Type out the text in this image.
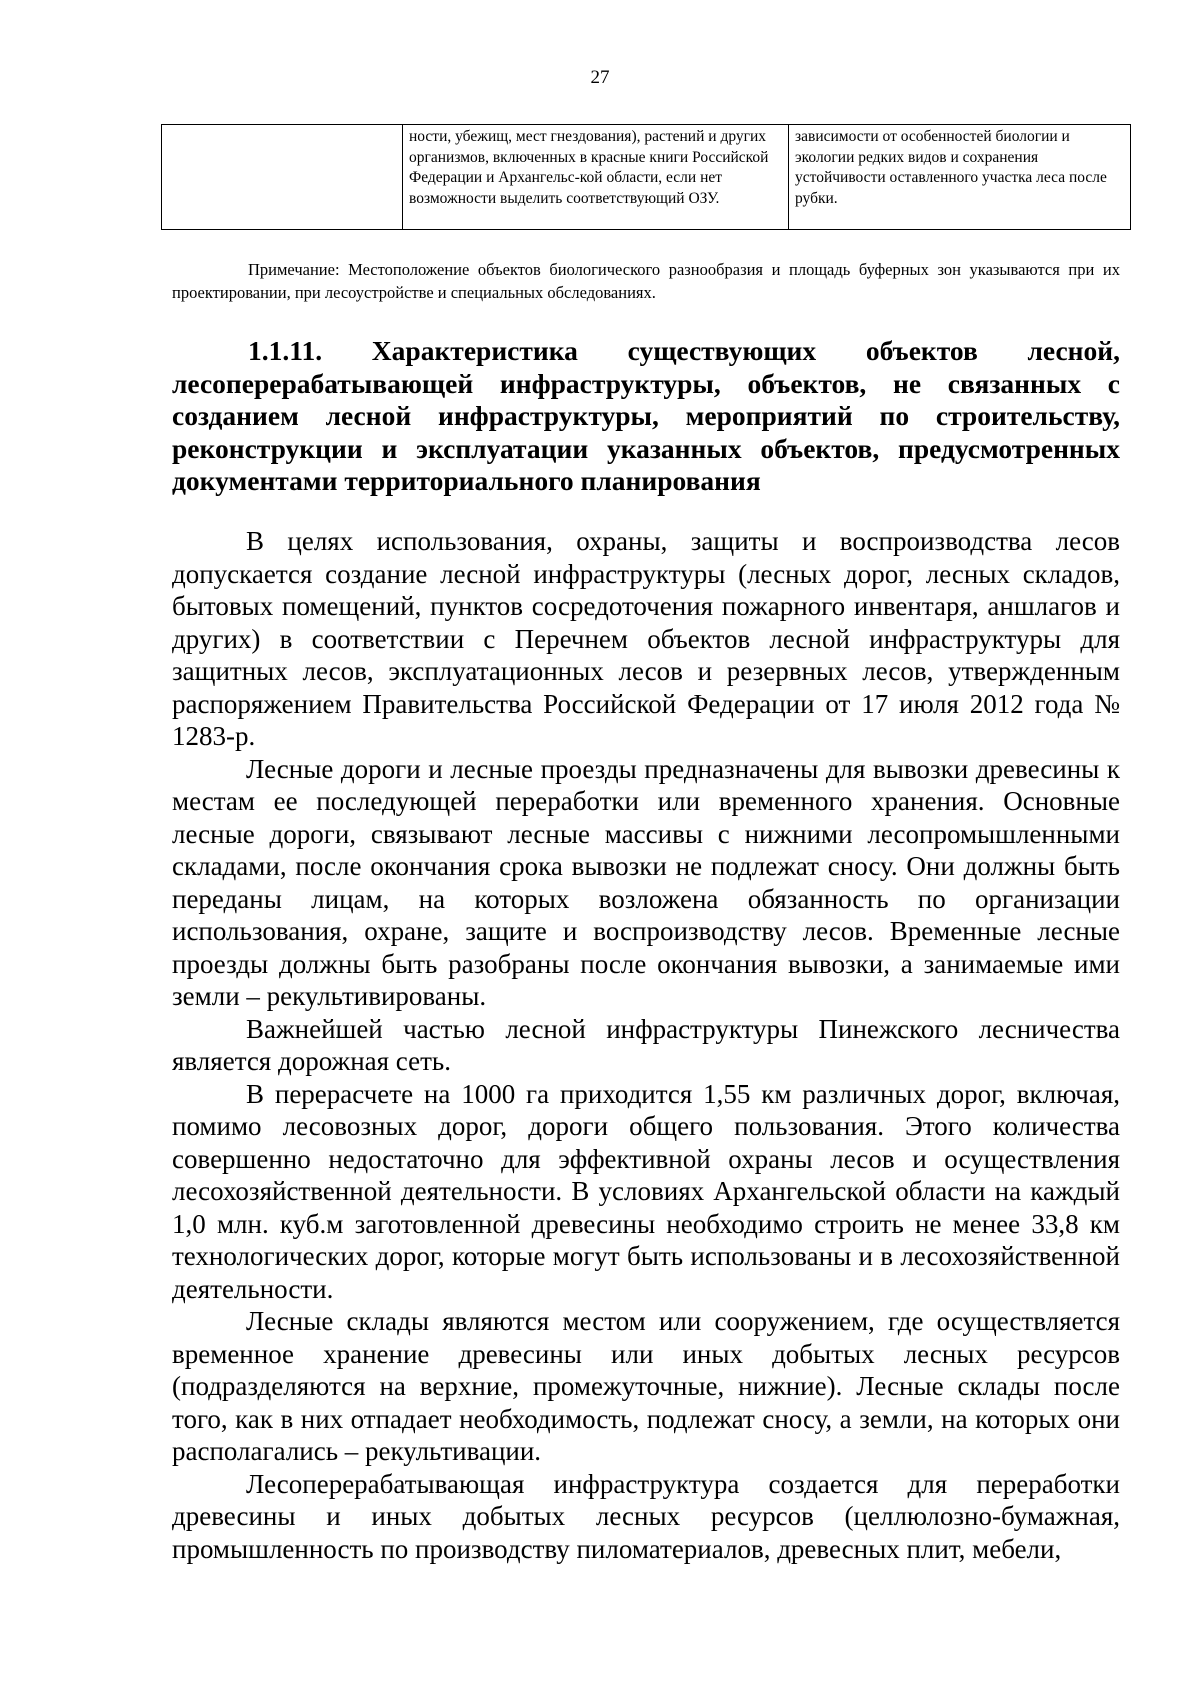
27
	ности, убежищ, мест гнездования), растений и других организмов, включенных в красные книги Российской Федерации и Архангельс-кой области, если нет возможности выделить соответствующий ОЗУ.	зависимости от особенностей биологии и экологии редких видов и сохранения устойчивости оставленного участка леса после рубки.
Примечание: Местоположение объектов биологического разнообразия и площадь буферных зон указываются при их проектировании, при лесоустройстве и специальных обследованиях.
1.1.11. Характеристика существующих объектов лесной, лесоперерабатывающей инфраструктуры, объектов, не связанных с созданием лесной инфраструктуры, мероприятий по строительству, реконструкции и эксплуатации указанных объектов, предусмотренных документами территориального планирования

В целях использования, охраны, защиты и воспроизводства лесов допускается создание лесной инфраструктуры (лесных дорог, лесных складов, бытовых помещений, пунктов сосредоточения пожарного инвентаря, аншлагов и других) в соответствии с Перечнем объектов лесной инфраструктуры для защитных лесов, эксплуатационных лесов и резервных лесов, утвержденным распоряжением Правительства Российской Федерации от 17 июля 2012 года № 1283-р.

Лесные дороги и лесные проезды предназначены для вывозки древесины к местам ее последующей переработки или временного хранения. Основные лесные дороги, связывают лесные массивы с нижними лесопромышленными складами, после окончания срока вывозки не подлежат сносу. Они должны быть переданы лицам, на которых возложена обязанность по организации использования, охране, защите и воспроизводству лесов. Временные лесные проезды должны быть разобраны после окончания вывозки, а занимаемые ими земли – рекультивированы.

Важнейшей частью лесной инфраструктуры Пинежского лесничества является дорожная сеть.

В перерасчете на 1000 га приходится 1,55 км различных дорог, включая, помимо лесовозных дорог, дороги общего пользования. Этого количества совершенно недостаточно для эффективной охраны лесов и осуществления лесохозяйственной деятельности. В условиях Архангельской области на каждый 1,0 млн. куб.м заготовленной древесины необходимо строить не менее 33,8 км технологических дорог, которые могут быть использованы и в лесохозяйственной деятельности.

Лесные склады являются местом или сооружением, где осуществляется временное хранение древесины или иных добытых лесных ресурсов (подразделяются на верхние, промежуточные, нижние). Лесные склады после того, как в них отпадает необходимость, подлежат сносу, а земли, на которых они располагались – рекультивации.

Лесоперерабатывающая инфраструктура создается для переработки древесины и иных добытых лесных ресурсов (целлюлозно-бумажная, промышленность по производству пиломатериалов, древесных плит, мебели,
